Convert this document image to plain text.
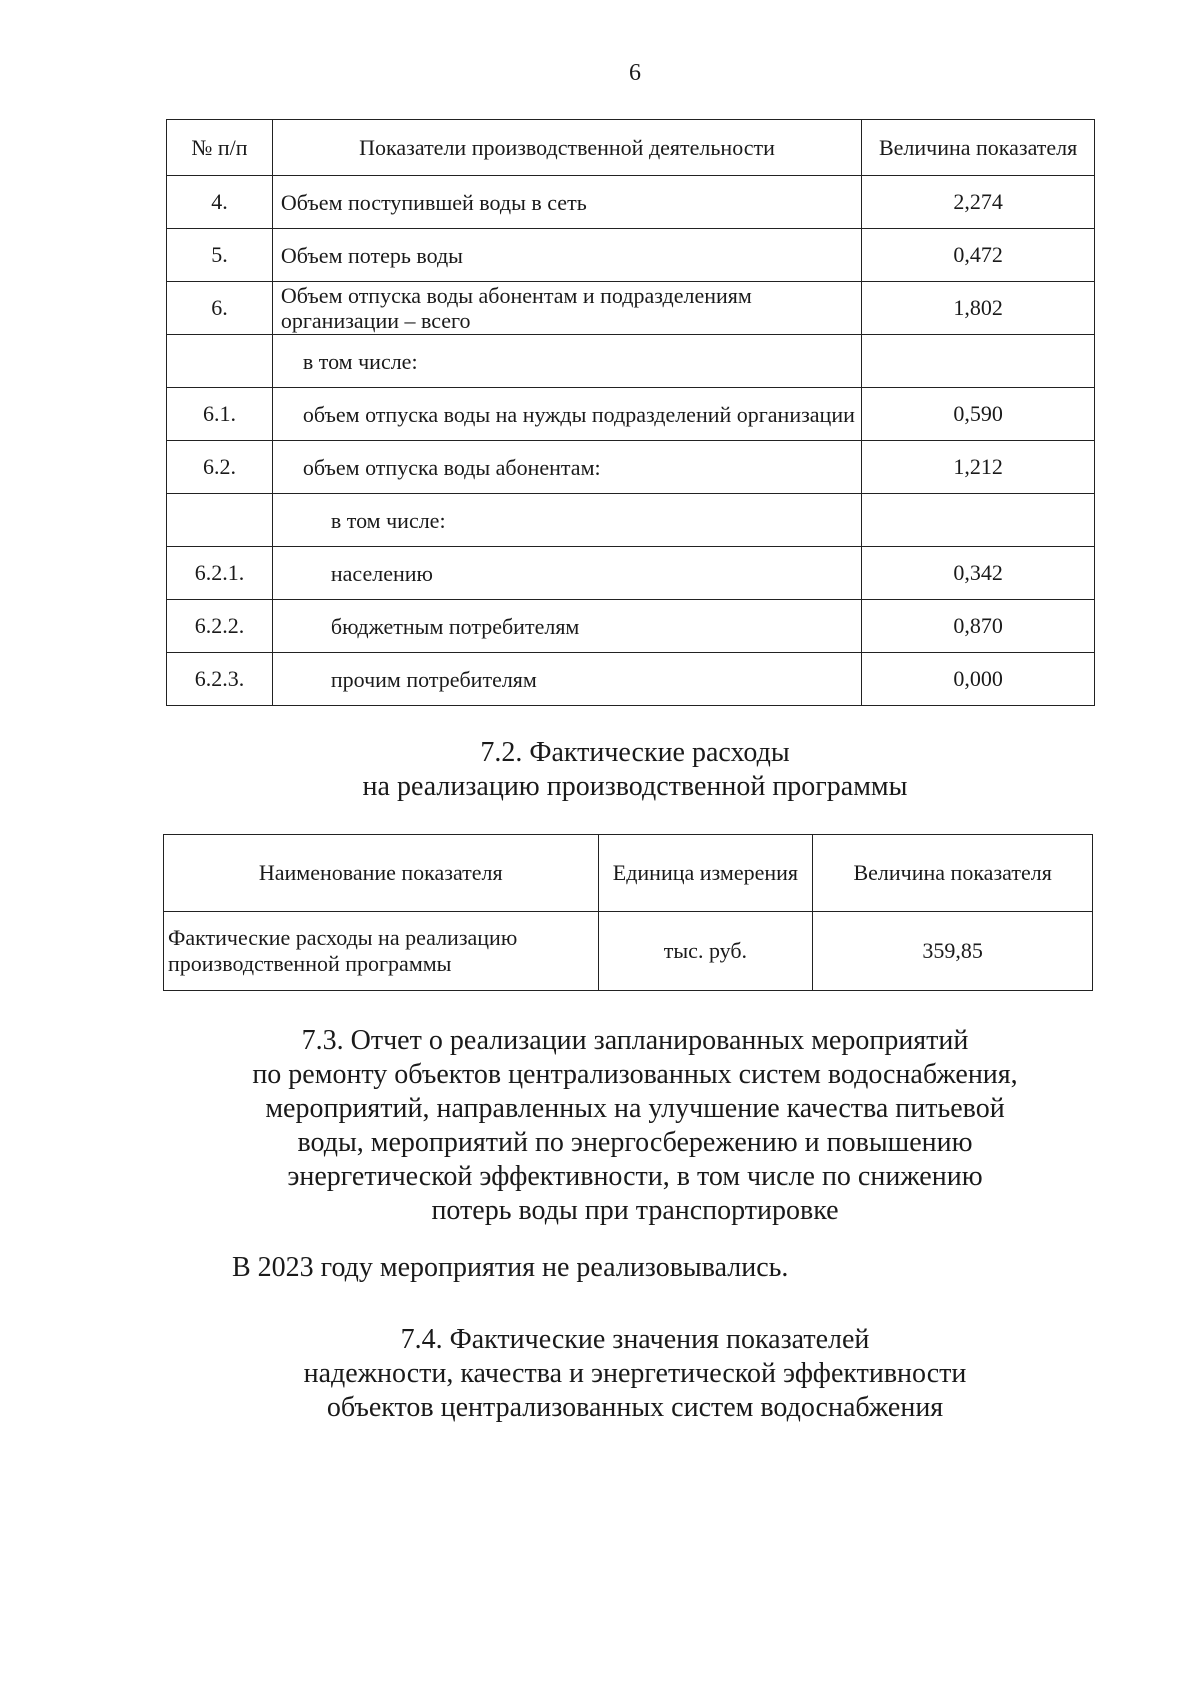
6
№ п/п	Показатели производственной деятельности	Величина показателя
4.	Объем поступившей воды в сеть	2,274
5.	Объем потерь воды	0,472
6.	Объем отпуска воды абонентам и подразделениям организации – всего	1,802
	в том числе:	
6.1.	объем отпуска воды на нужды подразделений организации	0,590
6.2.	объем отпуска воды абонентам:	1,212
	в том числе:	
6.2.1.	населению	0,342
6.2.2.	бюджетным потребителям	0,870
6.2.3.	прочим потребителям	0,000
7.2. Фактические расходы
на реализацию производственной программы
Наименование показателя	Единица измерения	Величина показателя
Фактические расходы на реализацию производственной программы	тыс. руб.	359,85
7.3. Отчет о реализации запланированных мероприятий
по ремонту объектов централизованных систем водоснабжения,
мероприятий, направленных на улучшение качества питьевой
воды, мероприятий по энергосбережению и повышению
энергетической эффективности, в том числе по снижению
потерь воды при транспортировке
В 2023 году мероприятия не реализовывались.
7.4. Фактические значения показателей
надежности, качества и энергетической эффективности
объектов централизованных систем водоснабжения
